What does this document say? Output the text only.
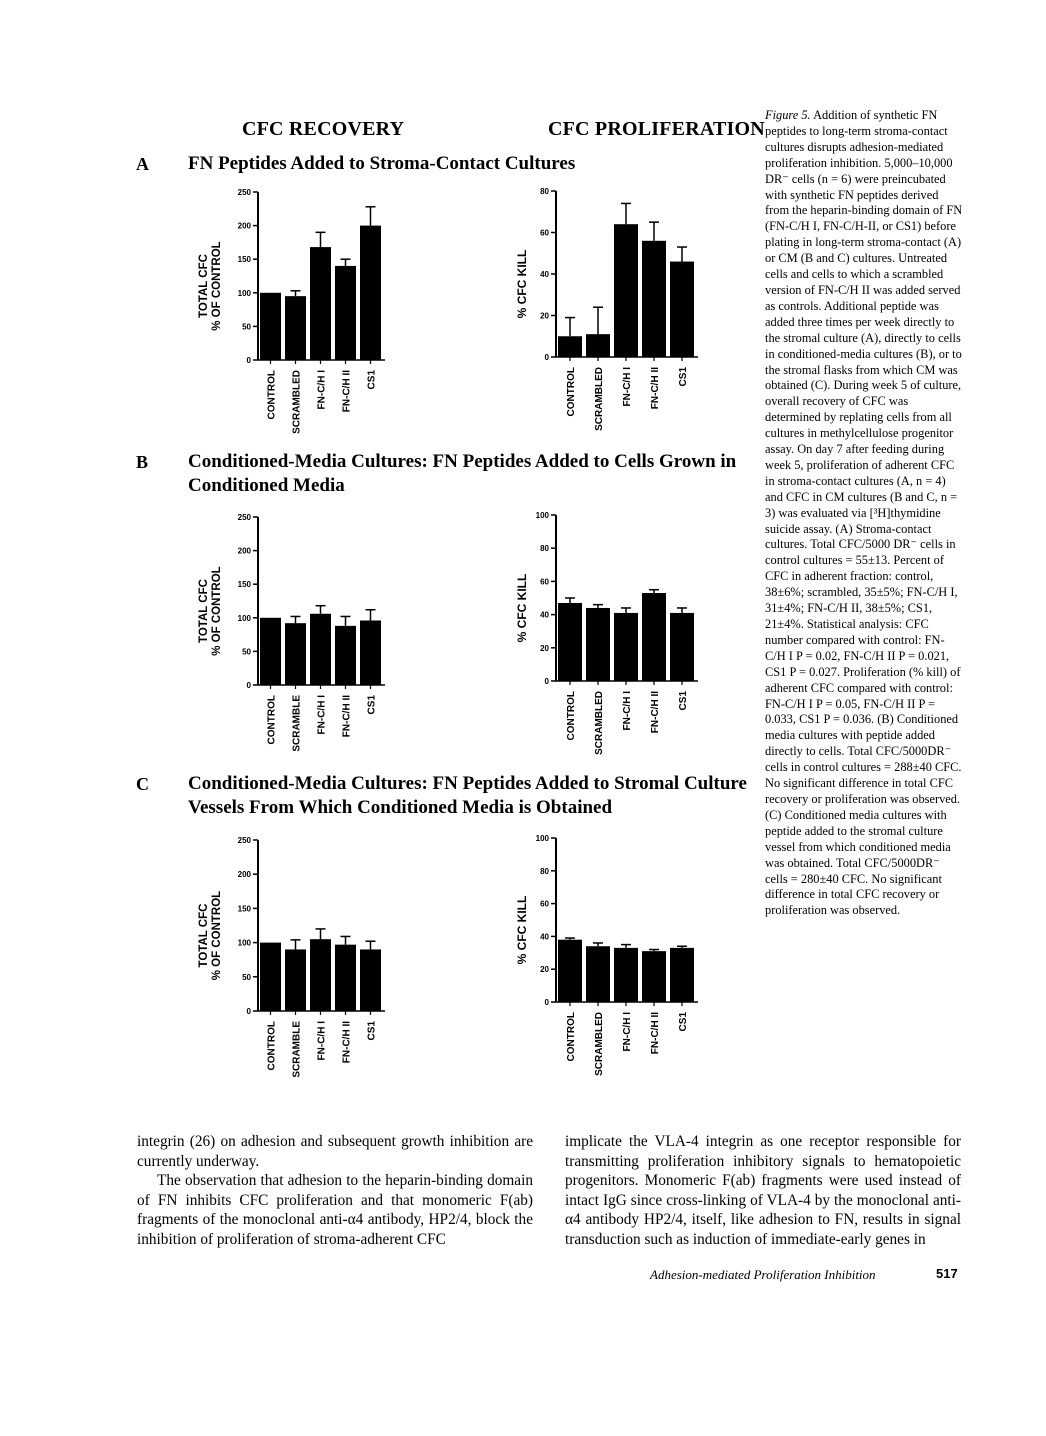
CFC RECOVERY	CFC PROLIFERATION
A FN Peptides Added to Stroma-Contact Cultures
B Conditioned-Media Cultures: FN Peptides Added to Cells Grown in Conditioned Media
C Conditioned-Media Cultures: FN Peptides Added to Stromal Culture Vessels From Which Conditioned Media is Obtained
0
50
100
150
200
250
CONTROL SCRAMBLED FN-C/H I FN-C/H II CS1
TOTAL CFC % OF CONTROL
0
20
40
60
80
CONTROL SCRAMBLED FN-C/H I FN-C/H II CS1
% CFC KILL
0
50
100
150
200
250
CONTROL SCRAMBLE FN-C/H I FN-C/H II CS1
TOTAL CFC % OF CONTROL
0
20
40
60
80
100
CONTROL SCRAMBLED FN-C/H I FN-C/H II CS1
% CFC KILL
0
50
100
150
200
250
CONTROL SCRAMBLE FN-C/H I FN-C/H II CS1
TOTAL CFC % OF CONTROL
0
20
40
60
80
100
CONTROL SCRAMBLED FN-C/H I FN-C/H II CS1
% CFC KILL
Figure 5. Addition of synthetic FN peptides to long-term stroma-contact cultures disrupts adhesion-mediated proliferation inhibition. 5,000–10,000 DR⁻ cells (n = 6) were preincubated with synthetic FN peptides derived from the heparin-binding domain of FN (FN-C/H I, FN-C/H-II, or CS1) before plating in long-term stroma-contact (A) or CM (B and C) cultures. Untreated cells and cells to which a scrambled version of FN-C/H II was added served as controls. Additional peptide was added three times per week directly to the stromal culture (A), directly to cells in conditioned-media cultures (B), or to the stromal flasks from which CM was obtained (C). During week 5 of culture, overall recovery of CFC was determined by replating cells from all cultures in methylcellulose progenitor assay. On day 7 after feeding during week 5, proliferation of adherent CFC in stroma-contact cultures (A, n = 4) and CFC in CM cultures (B and C, n = 3) was evaluated via [³H]thymidine suicide assay. (A) Stroma-contact cultures. Total CFC/5000 DR⁻ cells in control cultures = 55±13. Percent of CFC in adherent fraction: control, 38±6%; scrambled, 35±5%; FN-C/H I, 31±4%; FN-C/H II, 38±5%; CS1, 21±4%. Statistical analysis: CFC number compared with control: FN-C/H I P = 0.02, FN-C/H II P = 0.021, CS1 P = 0.027. Proliferation (% kill) of adherent CFC compared with control: FN-C/H I P = 0.05, FN-C/H II P = 0.033, CS1 P = 0.036. (B) Conditioned media cultures with peptide added directly to cells. Total CFC/5000DR⁻ cells in control cultures = 288±40 CFC. No significant difference in total CFC recovery or proliferation was observed. (C) Conditioned media cultures with peptide added to the stromal culture vessel from which conditioned media was obtained. Total CFC/5000DR⁻ cells = 280±40 CFC. No significant difference in total CFC recovery or proliferation was observed.

integrin (26) on adhesion and subsequent growth inhibition are currently underway.

The observation that adhesion to the heparin-binding domain of FN inhibits CFC proliferation and that monomeric F(ab) fragments of the monoclonal anti-α4 antibody, HP2/4, block the inhibition of proliferation of stroma-adherent CFC

implicate the VLA-4 integrin as one receptor responsible for transmitting proliferation inhibitory signals to hematopoietic progenitors. Monomeric F(ab) fragments were used instead of intact IgG since cross-linking of VLA-4 by the monoclonal anti-α4 antibody HP2/4, itself, like adhesion to FN, results in signal transduction such as induction of immediate-early genes in

Adhesion-mediated Proliferation Inhibition	517
